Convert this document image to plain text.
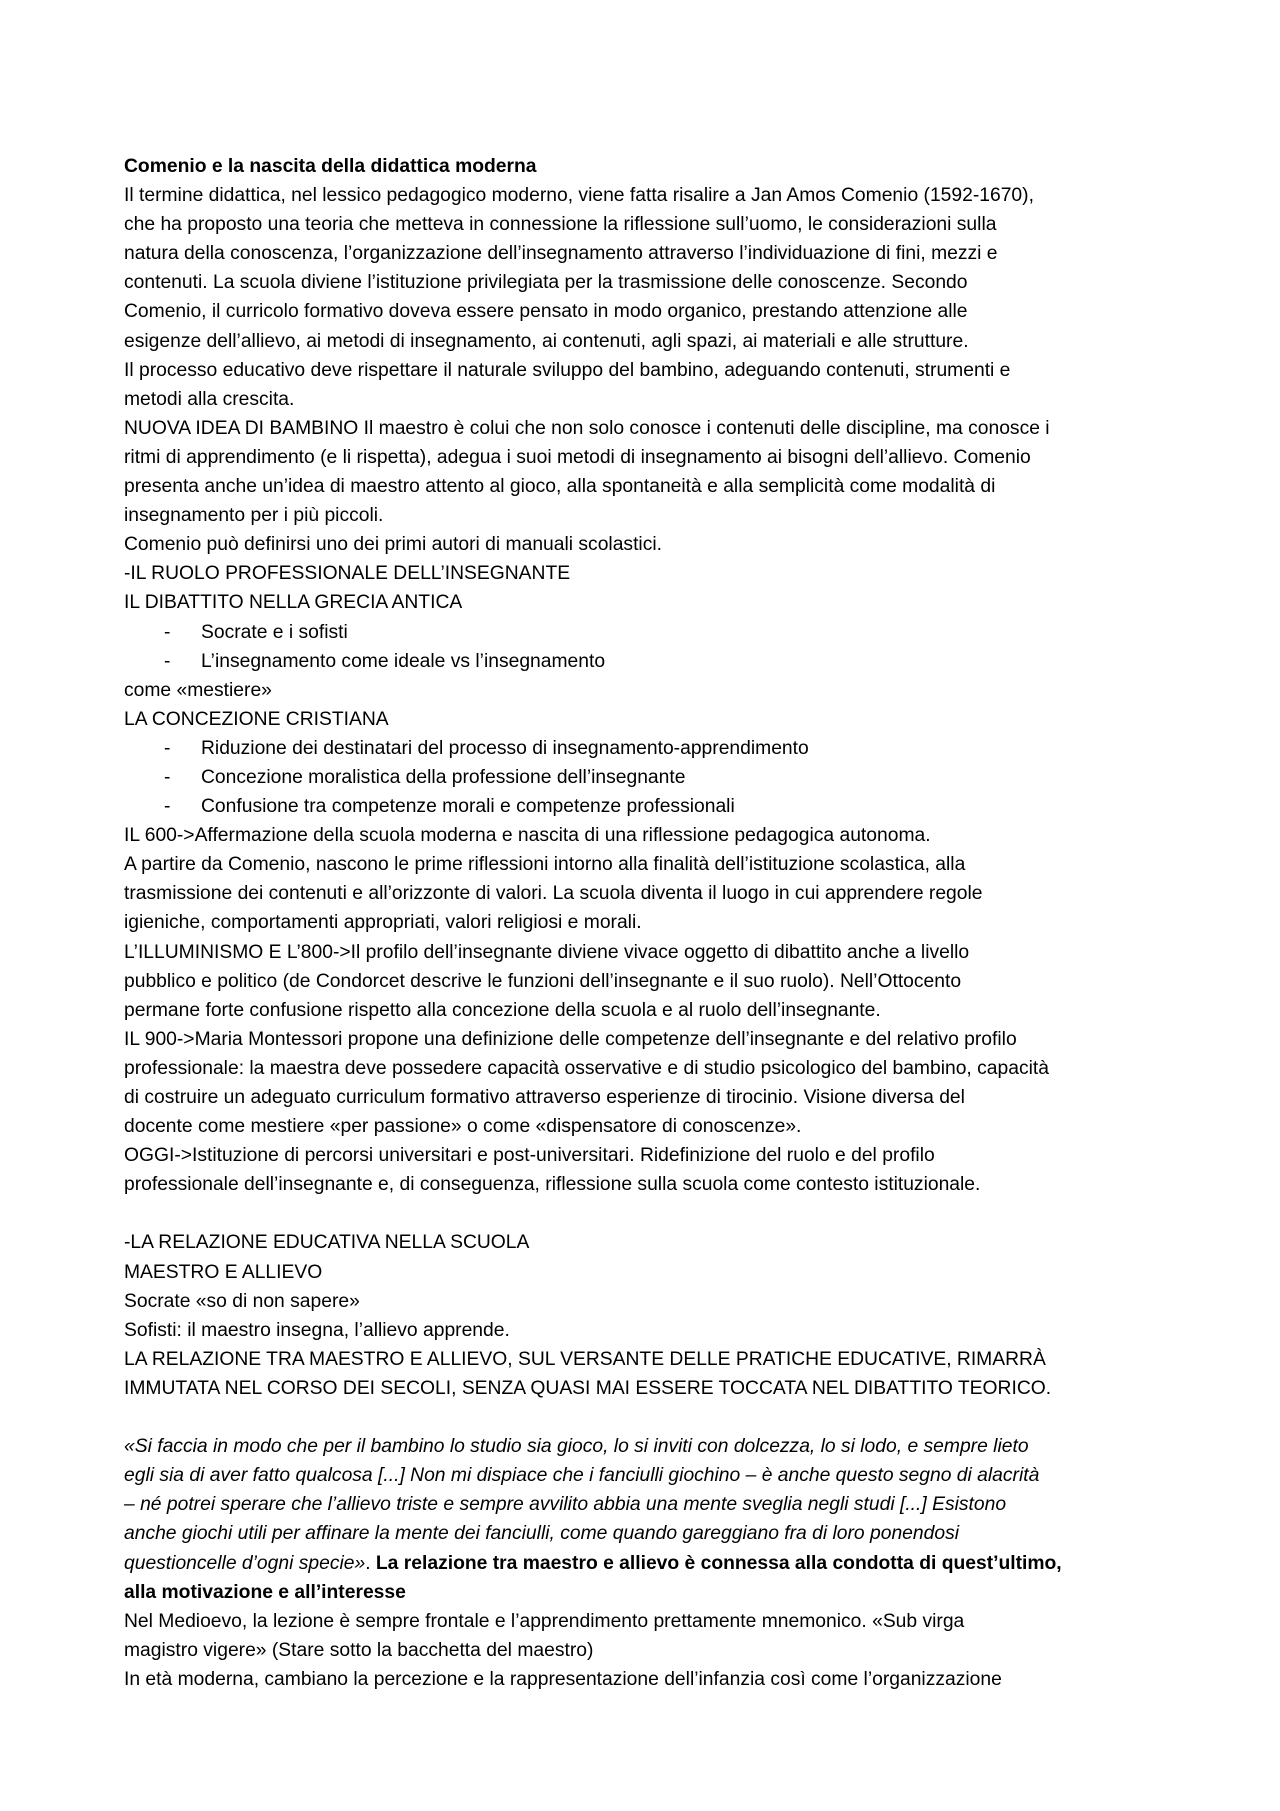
Comenio e la nascita della didattica moderna
Il termine didattica, nel lessico pedagogico moderno, viene fatta risalire a Jan Amos Comenio (1592-1670),
che ha proposto una teoria che metteva in connessione la riflessione sull’uomo, le considerazioni sulla
natura della conoscenza, l’organizzazione dell’insegnamento attraverso l’individuazione di fini, mezzi e
contenuti. La scuola diviene l’istituzione privilegiata per la trasmissione delle conoscenze. Secondo
Comenio, il curricolo formativo doveva essere pensato in modo organico, prestando attenzione alle
esigenze dell’allievo, ai metodi di insegnamento, ai contenuti, agli spazi, ai materiali e alle strutture.
Il processo educativo deve rispettare il naturale sviluppo del bambino, adeguando contenuti, strumenti e
metodi alla crescita.
NUOVA IDEA DI BAMBINO Il maestro è colui che non solo conosce i contenuti delle discipline, ma conosce i
ritmi di apprendimento (e li rispetta), adegua i suoi metodi di insegnamento ai bisogni dell’allievo. Comenio
presenta anche un’idea di maestro attento al gioco, alla spontaneità e alla semplicità come modalità di
insegnamento per i più piccoli.
Comenio può definirsi uno dei primi autori di manuali scolastici.
-IL RUOLO PROFESSIONALE DELL’INSEGNANTE
IL DIBATTITO NELLA GRECIA ANTICA
- Socrate e i sofisti
- L’insegnamento come ideale vs l’insegnamento
come «mestiere»
LA CONCEZIONE CRISTIANA
- Riduzione dei destinatari del processo di insegnamento-apprendimento
- Concezione moralistica della professione dell’insegnante
- Confusione tra competenze morali e competenze professionali
IL 600->Affermazione della scuola moderna e nascita di una riflessione pedagogica autonoma.
A partire da Comenio, nascono le prime riflessioni intorno alla finalità dell’istituzione scolastica, alla
trasmissione dei contenuti e all’orizzonte di valori. La scuola diventa il luogo in cui apprendere regole
igieniche, comportamenti appropriati, valori religiosi e morali.
L’ILLUMINISMO E L’800->Il profilo dell’insegnante diviene vivace oggetto di dibattito anche a livello
pubblico e politico (de Condorcet descrive le funzioni dell’insegnante e il suo ruolo). Nell’Ottocento
permane forte confusione rispetto alla concezione della scuola e al ruolo dell’insegnante.
IL 900->Maria Montessori propone una definizione delle competenze dell’insegnante e del relativo profilo
professionale: la maestra deve possedere capacità osservative e di studio psicologico del bambino, capacità
di costruire un adeguato curriculum formativo attraverso esperienze di tirocinio. Visione diversa del
docente come mestiere «per passione» o come «dispensatore di conoscenze».
OGGI->Istituzione di percorsi universitari e post-universitari. Ridefinizione del ruolo e del profilo
professionale dell’insegnante e, di conseguenza, riflessione sulla scuola come contesto istituzionale.
-LA RELAZIONE EDUCATIVA NELLA SCUOLA
MAESTRO E ALLIEVO
Socrate «so di non sapere»
Sofisti: il maestro insegna, l’allievo apprende.
LA RELAZIONE TRA MAESTRO E ALLIEVO, SUL VERSANTE DELLE PRATICHE EDUCATIVE, RIMARRÀ
IMMUTATA NEL CORSO DEI SECOLI, SENZA QUASI MAI ESSERE TOCCATA NEL DIBATTITO TEORICO.
«Si faccia in modo che per il bambino lo studio sia gioco, lo si inviti con dolcezza, lo si lodo, e sempre lieto
egli sia di aver fatto qualcosa [...] Non mi dispiace che i fanciulli giochino – è anche questo segno di alacrità
– né potrei sperare che l’allievo triste e sempre avvilito abbia una mente sveglia negli studi [...] Esistono
anche giochi utili per affinare la mente dei fanciulli, come quando gareggiano fra di loro ponendosi
questioncelle d’ogni specie». La relazione tra maestro e allievo è connessa alla condotta di quest’ultimo,
alla motivazione e all’interesse
Nel Medioevo, la lezione è sempre frontale e l’apprendimento prettamente mnemonico. «Sub virga
magistro vigere» (Stare sotto la bacchetta del maestro)
In età moderna, cambiano la percezione e la rappresentazione dell’infanzia così come l’organizzazione
